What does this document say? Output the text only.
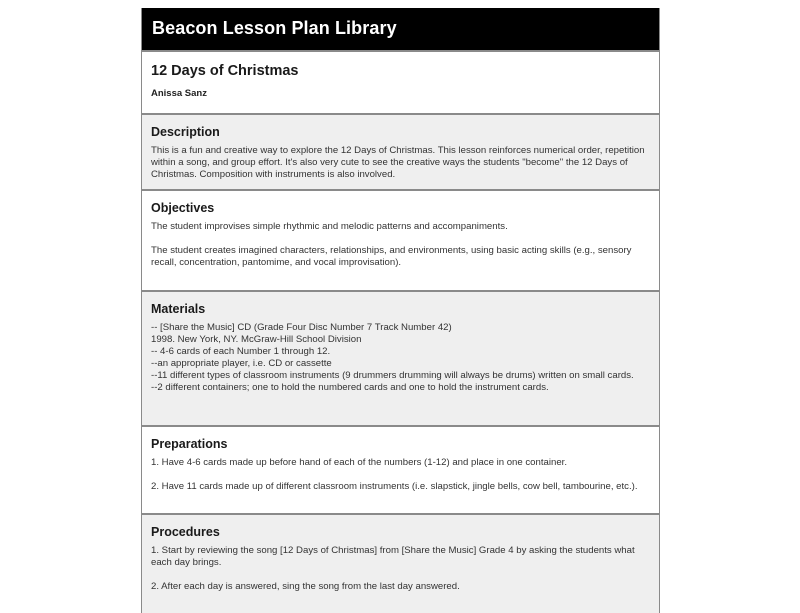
Beacon Lesson Plan Library
12 Days of Christmas
Anissa Sanz
Description

This is a fun and creative way to explore the 12 Days of Christmas. This lesson reinforces numerical order, repetition within a song, and group effort. It's also very cute to see the creative ways the students "become" the 12 Days of Christmas. Composition with instruments is also involved.

Objectives

The student improvises simple rhythmic and melodic patterns and accompaniments.

The student creates imagined characters, relationships, and environments, using basic acting skills (e.g., sensory recall, concentration, pantomime, and vocal improvisation).

Materials
-- [Share the Music] CD (Grade Four Disc Number 7 Track Number 42)
1998. New York, NY. McGraw-Hill School Division
-- 4-6 cards of each Number 1 through 12.
--an appropriate player, i.e. CD or cassette
--11 different types of classroom instruments (9 drummers drumming will always be drums) written on small cards.
--2 different containers; one to hold the numbered cards and one to hold the instrument cards.
Preparations

1. Have 4-6 cards made up before hand of each of the numbers (1-12) and place in one container.

2. Have 11 cards made up of different classroom instruments (i.e. slapstick, jingle bells, cow bell, tambourine, etc.).

Procedures

1. Start by reviewing the song [12 Days of Christmas] from [Share the Music] Grade 4 by asking the students what each day brings.

2. After each day is answered, sing the song from the last day answered.
